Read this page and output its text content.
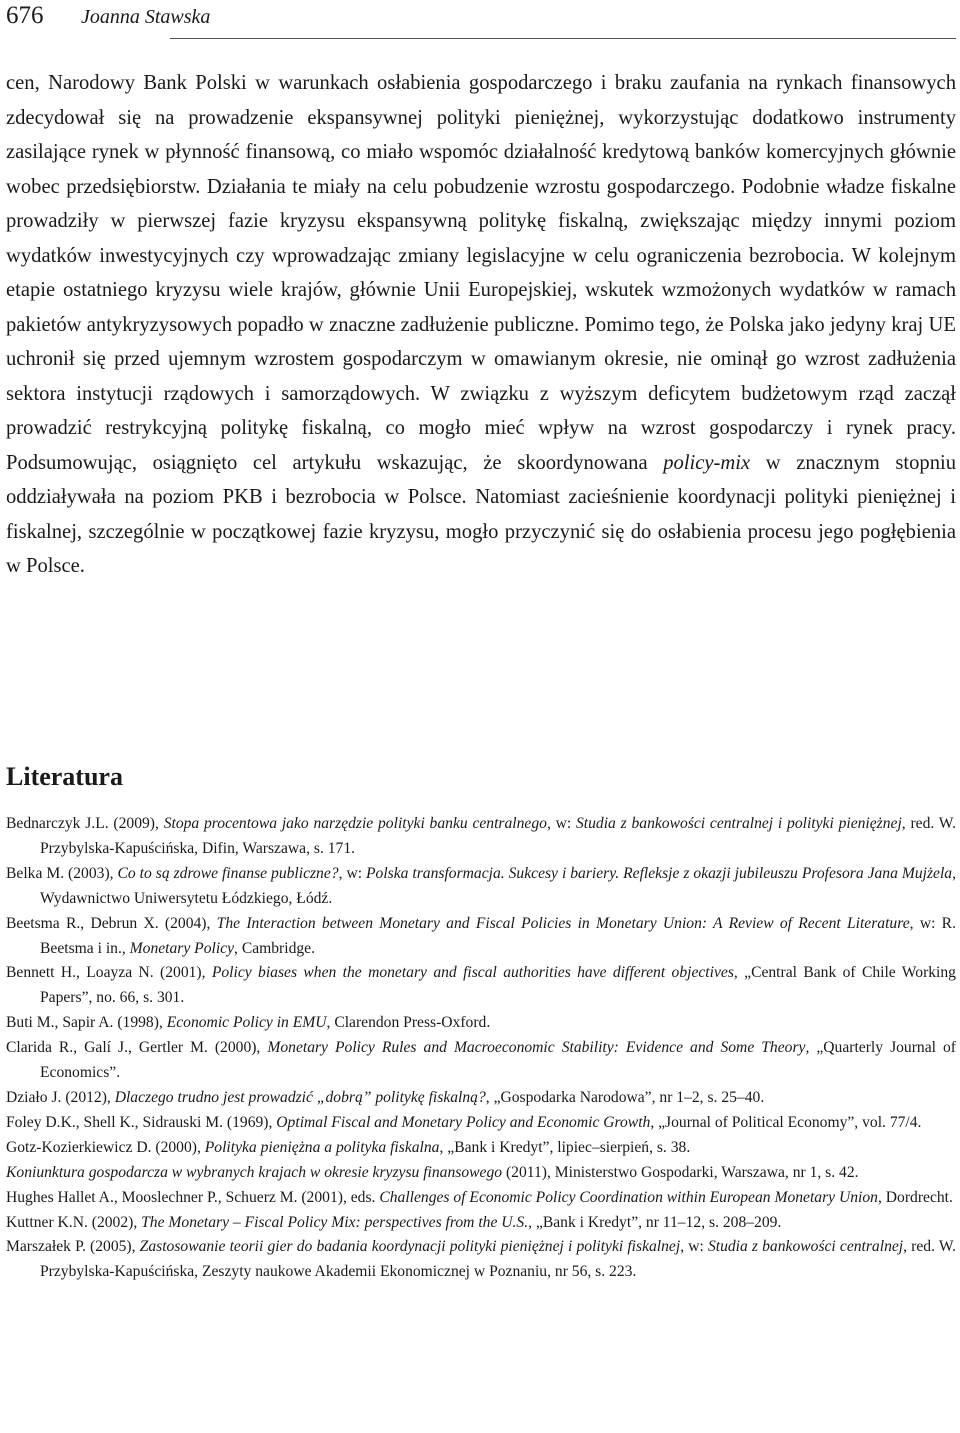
676 Joanna Stawska

cen, Narodowy Bank Polski w warunkach osłabienia gospodarczego i braku zaufania na rynkach finansowych zdecydował się na prowadzenie ekspansywnej polityki pieniężnej, wykorzystując dodatkowo instrumenty zasilające rynek w płynność finansową, co miało wspomóc działalność kredytową banków komercyjnych głównie wobec przedsiębiorstw. Działania te miały na celu pobudzenie wzrostu gospodarczego. Podobnie władze fiskalne prowadziły w pierwszej fazie kryzysu ekspansywną politykę fiskalną, zwiększając między innymi poziom wydatków inwestycyjnych czy wprowadzając zmiany legislacyjne w celu ograniczenia bezrobocia. W kolejnym etapie ostatniego kryzysu wiele krajów, głównie Unii Europejskiej, wskutek wzmożonych wydatków w ramach pakietów antykryzysowych popadło w znaczne zadłużenie publiczne. Pomimo tego, że Polska jako jedyny kraj UE uchronił się przed ujemnym wzrostem gospodarczym w omawianym okresie, nie ominął go wzrost zadłużenia sektora instytucji rządowych i samorządowych. W związku z wyższym deficytem budżetowym rząd zaczął prowadzić restrykcyjną politykę fiskalną, co mogło mieć wpływ na wzrost gospodarczy i rynek pracy. Podsumowując, osiągnięto cel artykułu wskazując, że skoordynowana policy-mix w znacznym stopniu oddziaływała na poziom PKB i bezrobocia w Polsce. Natomiast zacieśnienie koordynacji polityki pieniężnej i fiskalnej, szczególnie w początkowej fazie kryzysu, mogło przyczynić się do osłabienia procesu jego pogłębienia w Polsce.

Literatura
Bednarczyk J.L. (2009), Stopa procentowa jako narzędzie polityki banku centralnego, w: Studia z bankowości centralnej i polityki pieniężnej, red. W. Przybylska-Kapuścińska, Difin, Warszawa, s. 171.
Belka M. (2003), Co to są zdrowe finanse publiczne?, w: Polska transformacja. Sukcesy i bariery. Refleksje z okazji jubileuszu Profesora Jana Mujżela, Wydawnictwo Uniwersytetu Łódzkiego, Łódź.
Beetsma R., Debrun X. (2004), The Interaction between Monetary and Fiscal Policies in Monetary Union: A Review of Recent Literature, w: R. Beetsma i in., Monetary Policy, Cambridge.
Bennett H., Loayza N. (2001), Policy biases when the monetary and fiscal authorities have different objectives, „Central Bank of Chile Working Papers”, no. 66, s. 301.
Buti M., Sapir A. (1998), Economic Policy in EMU, Clarendon Press-Oxford.
Clarida R., Galí J., Gertler M. (2000), Monetary Policy Rules and Macroeconomic Stability: Evidence and Some Theory, „Quarterly Journal of Economics”.
Działo J. (2012), Dlaczego trudno jest prowadzić „dobrą” politykę fiskalną?, „Gospodarka Narodowa”, nr 1–2, s. 25–40.
Foley D.K., Shell K., Sidrauski M. (1969), Optimal Fiscal and Monetary Policy and Economic Growth, „Journal of Political Economy”, vol. 77/4.
Gotz-Kozierkiewicz D. (2000), Polityka pieniężna a polityka fiskalna, „Bank i Kredyt”, lipiec–sierpień, s. 38.
Koniunktura gospodarcza w wybranych krajach w okresie kryzysu finansowego (2011), Ministerstwo Gospodarki, Warszawa, nr 1, s. 42.
Hughes Hallet A., Mooslechner P., Schuerz M. (2001), eds. Challenges of Economic Policy Coordination within European Monetary Union, Dordrecht.
Kuttner K.N. (2002), The Monetary – Fiscal Policy Mix: perspectives from the U.S., „Bank i Kredyt”, nr 11–12, s. 208–209.
Marszałek P. (2005), Zastosowanie teorii gier do badania koordynacji polityki pieniężnej i polityki fiskalnej, w: Studia z bankowości centralnej, red. W. Przybylska-Kapuścińska, Zeszyty naukowe Akademii Ekonomicznej w Poznaniu, nr 56, s. 223.
